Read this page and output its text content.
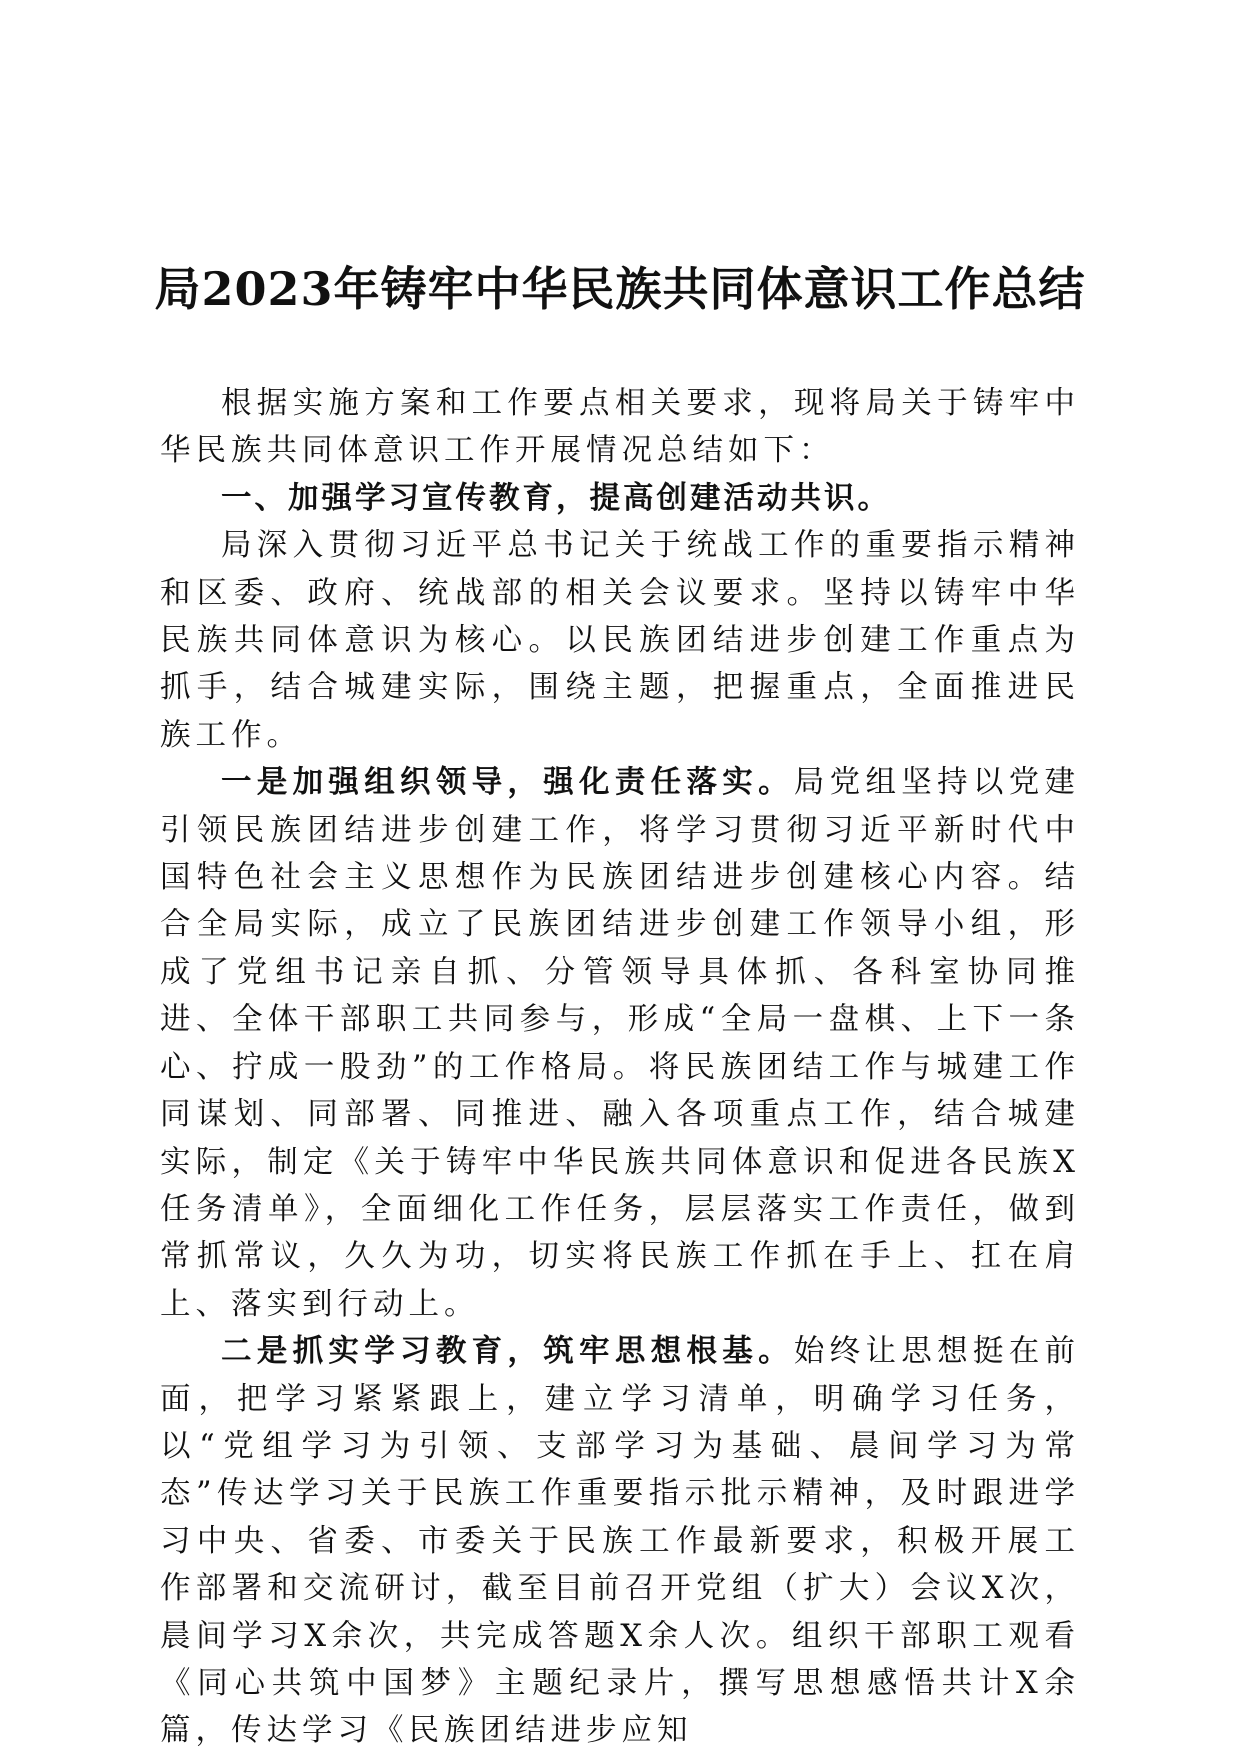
局2023年铸牢中华民族共同体意识工作总结

根据实施方案和工作要点相关要求，现将局关于铸牢中华民族共同体意识工作开展情况总结如下：

一、加强学习宣传教育，提高创建活动共识。

局深入贯彻习近平总书记关于统战工作的重要指示精神和区委、政府、统战部的相关会议要求。坚持以铸牢中华民族共同体意识为核心。以民族团结进步创建工作重点为抓手，结合城建实际，围绕主题，把握重点，全面推进民族工作。

一是加强组织领导，强化责任落实。局党组坚持以党建引领民族团结进步创建工作，将学习贯彻习近平新时代中国特色社会主义思想作为民族团结进步创建核心内容。结合全局实际，成立了民族团结进步创建工作领导小组，形成了党组书记亲自抓、分管领导具体抓、各科室协同推进、全体干部职工共同参与，形成“全局一盘棋、上下一条心、拧成一股劲”的工作格局。将民族团结工作与城建工作同谋划、同部署、同推进、融入各项重点工作，结合城建实际，制定《关于铸牢中华民族共同体意识和促进各民族X任务清单》，全面细化工作任务，层层落实工作责任，做到常抓常议，久久为功，切实将民族工作抓在手上、扛在肩上、落实到行动上。

二是抓实学习教育，筑牢思想根基。始终让思想挺在前面，把学习紧紧跟上，建立学习清单，明确学习任务，以“党组学习为引领、支部学习为基础、晨间学习为常态”传达学习关于民族工作重要指示批示精神，及时跟进学习中央、省委、市委关于民族工作最新要求，积极开展工作部署和交流研讨，截至目前召开党组（扩大）会议X次，晨间学习X余次，共完成答题X余人次。组织干部职工观看《同心共筑中国梦》主题纪录片，撰写思想感悟共计X余篇，传达学习《民族团结进步应知
